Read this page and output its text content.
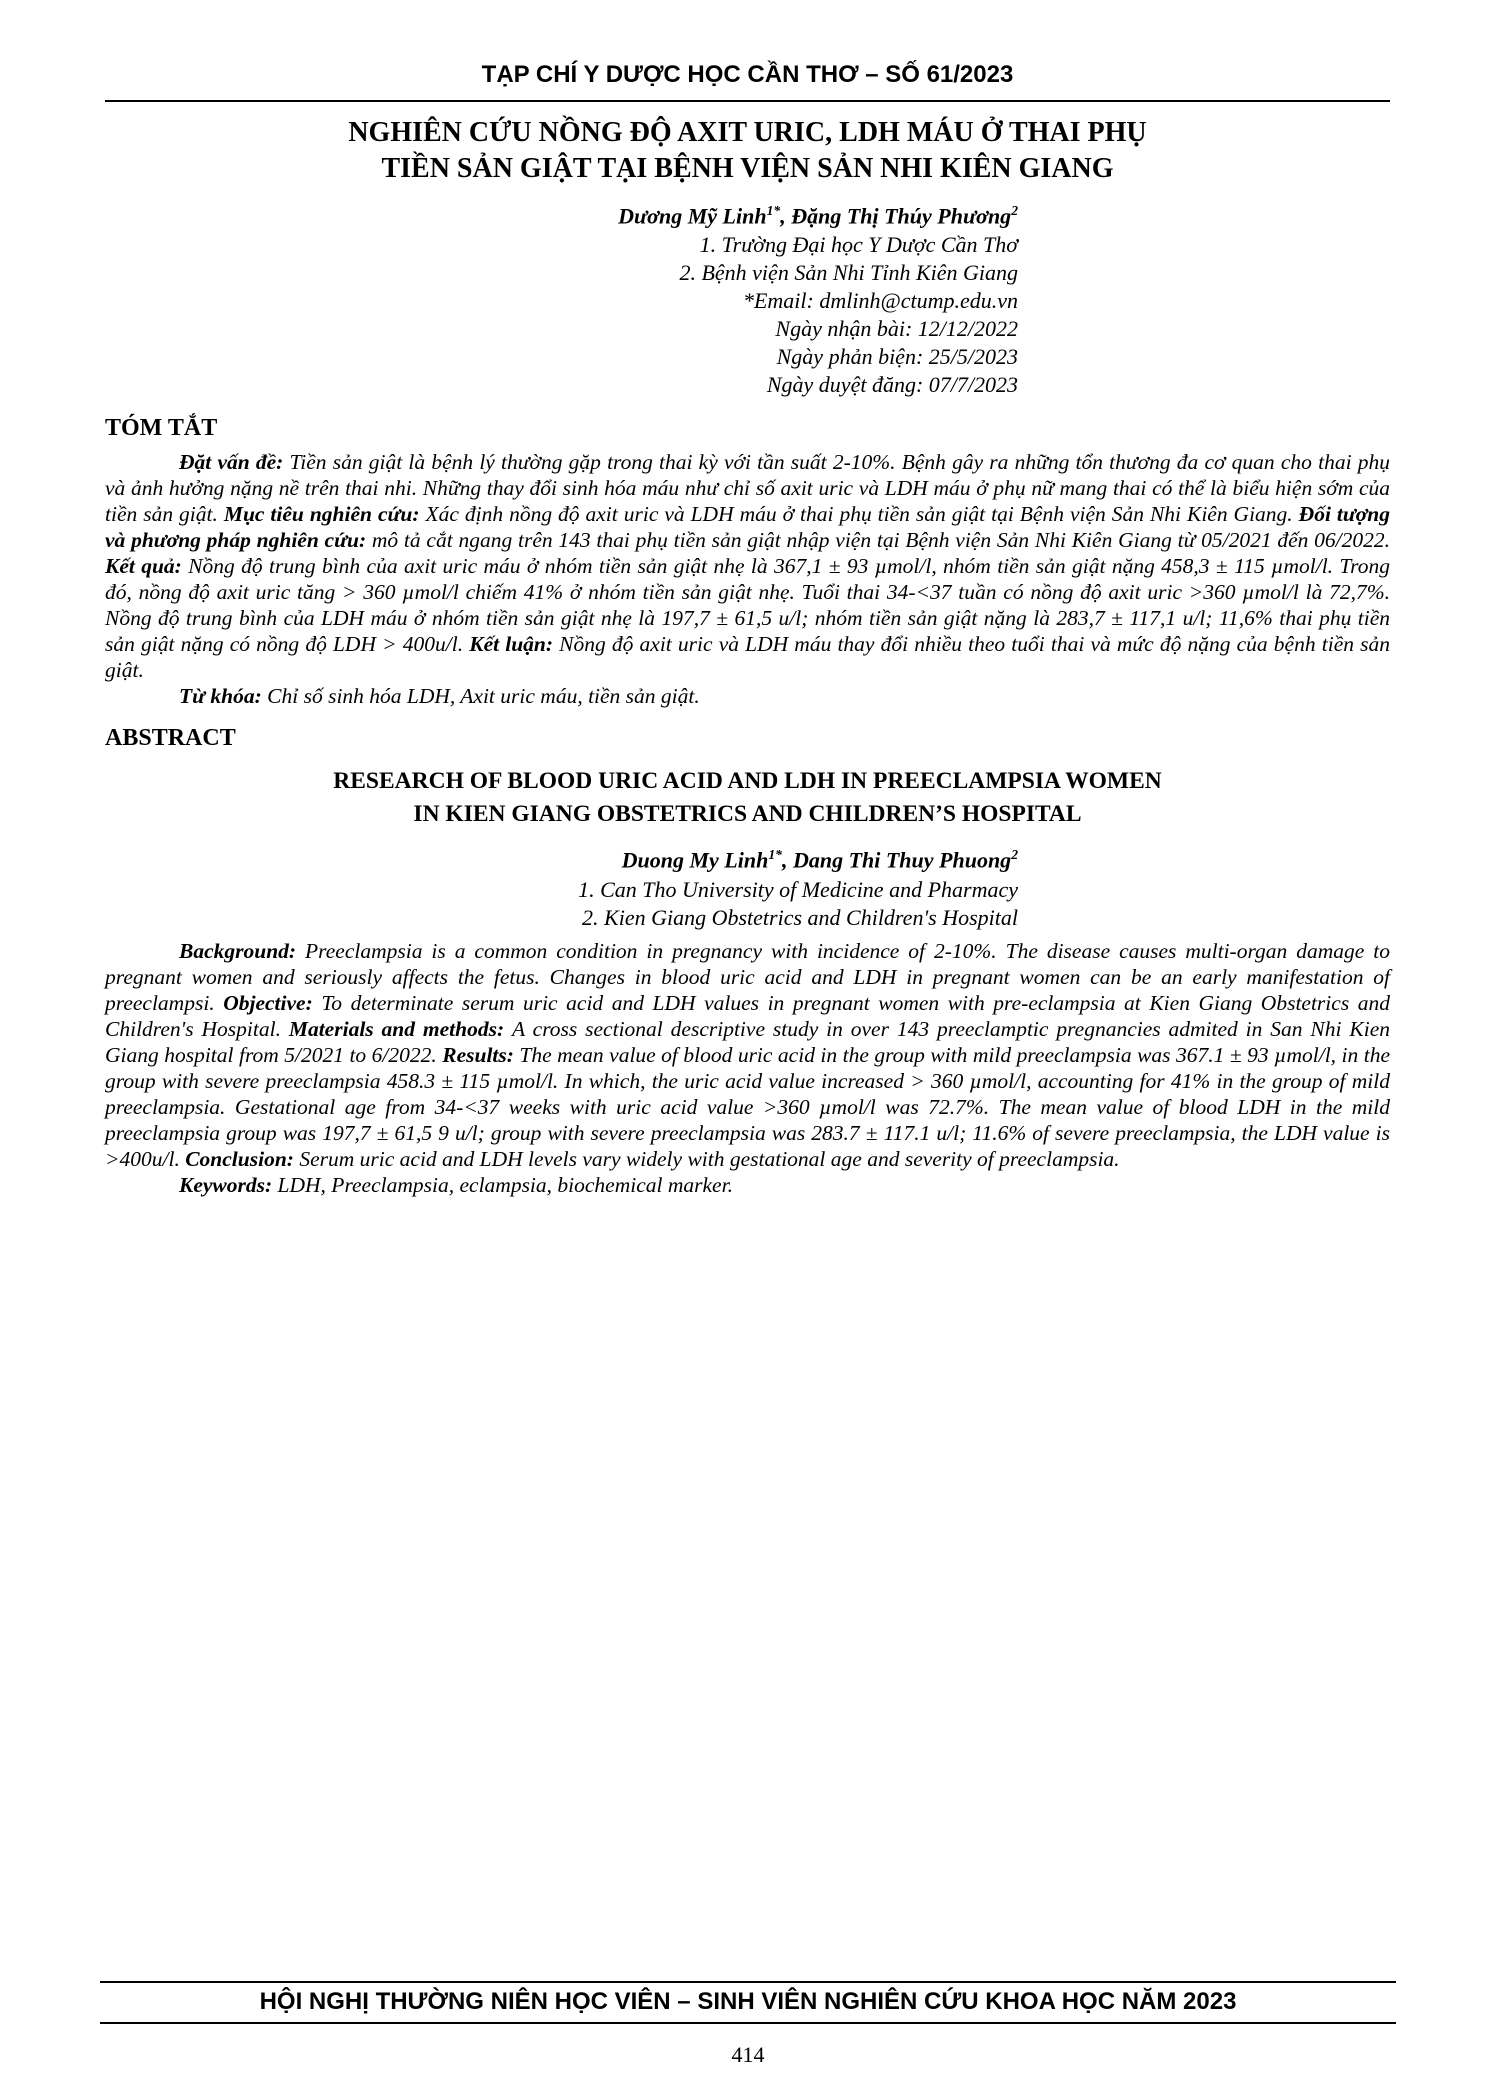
TẠP CHÍ Y DƯỢC HỌC CẦN THƠ – SỐ 61/2023
NGHIÊN CỨU NỒNG ĐỘ AXIT URIC, LDH MÁU Ở THAI PHỤ
TIỀN SẢN GIẬT TẠI BỆNH VIỆN SẢN NHI KIÊN GIANG
Dương Mỹ Linh$^{1*}$, Đặng Thị Thúy Phương$^2$
1. Trường Đại học Y Dược Cần Thơ
2. Bệnh viện Sản Nhi Tỉnh Kiên Giang
*Email: dmlinh@ctump.edu.vn
Ngày nhận bài: 12/12/2022
Ngày phản biện: 25/5/2023
Ngày duyệt đăng: 07/7/2023
TÓM TẮT

Đặt vấn đề: Tiền sản giật là bệnh lý thường gặp trong thai kỳ với tần suất 2-10%. Bệnh gây ra những tổn thương đa cơ quan cho thai phụ và ảnh hưởng nặng nề trên thai nhi. Những thay đổi sinh hóa máu như chỉ số axit uric và LDH máu ở phụ nữ mang thai có thể là biểu hiện sớm của tiền sản giật. Mục tiêu nghiên cứu: Xác định nồng độ axit uric và LDH máu ở thai phụ tiền sản giật tại Bệnh viện Sản Nhi Kiên Giang. Đối tượng và phương pháp nghiên cứu: mô tả cắt ngang trên 143 thai phụ tiền sản giật nhập viện tại Bệnh viện Sản Nhi Kiên Giang từ 05/2021 đến 06/2022. Kết quả: Nồng độ trung bình của axit uric máu ở nhóm tiền sản giật nhẹ là 367,1 ± 93 µmol/l, nhóm tiền sản giật nặng 458,3 ± 115 µmol/l. Trong đó, nồng độ axit uric tăng > 360 µmol/l chiếm 41% ở nhóm tiền sản giật nhẹ. Tuổi thai 34-<37 tuần có nồng độ axit uric >360 µmol/l là 72,7%. Nồng độ trung bình của LDH máu ở nhóm tiền sản giật nhẹ là 197,7 ± 61,5 u/l; nhóm tiền sản giật nặng là 283,7 ± 117,1 u/l; 11,6% thai phụ tiền sản giật nặng có nồng độ LDH > 400u/l. Kết luận: Nồng độ axit uric và LDH máu thay đổi nhiều theo tuổi thai và mức độ nặng của bệnh tiền sản giật.

Từ khóa: Chỉ số sinh hóa LDH, Axit uric máu, tiền sản giật.

ABSTRACT
RESEARCH OF BLOOD URIC ACID AND LDH IN PREECLAMPSIA WOMEN
IN KIEN GIANG OBSTETRICS AND CHILDREN’S HOSPITAL
Duong My Linh$^{1*}$, Dang Thi Thuy Phuong$^2$
1. Can Tho University of Medicine and Pharmacy
2. Kien Giang Obstetrics and Children's Hospital

Background: Preeclampsia is a common condition in pregnancy with incidence of 2-10%. The disease causes multi-organ damage to pregnant women and seriously affects the fetus. Changes in blood uric acid and LDH in pregnant women can be an early manifestation of preeclampsi. Objective: To determinate serum uric acid and LDH values in pregnant women with pre-eclampsia at Kien Giang Obstetrics and Children's Hospital. Materials and methods: A cross sectional descriptive study in over 143 preeclamptic pregnancies admited in San Nhi Kien Giang hospital from 5/2021 to 6/2022. Results: The mean value of blood uric acid in the group with mild preeclampsia was 367.1 ± 93 µmol/l, in the group with severe preeclampsia 458.3 ± 115 µmol/l. In which, the uric acid value increased > 360 µmol/l, accounting for 41% in the group of mild preeclampsia. Gestational age from 34-<37 weeks with uric acid value >360 µmol/l was 72.7%. The mean value of blood LDH in the mild preeclampsia group was 197,7 ± 61,5 9 u/l; group with severe preeclampsia was 283.7 ± 117.1 u/l; 11.6% of severe preeclampsia, the LDH value is >400u/l. Conclusion: Serum uric acid and LDH levels vary widely with gestational age and severity of preeclampsia.

Keywords: LDH, Preeclampsia, eclampsia, biochemical marker.

HỘI NGHỊ THƯỜNG NIÊN HỌC VIÊN – SINH VIÊN NGHIÊN CỨU KHOA HỌC NĂM 2023
414
